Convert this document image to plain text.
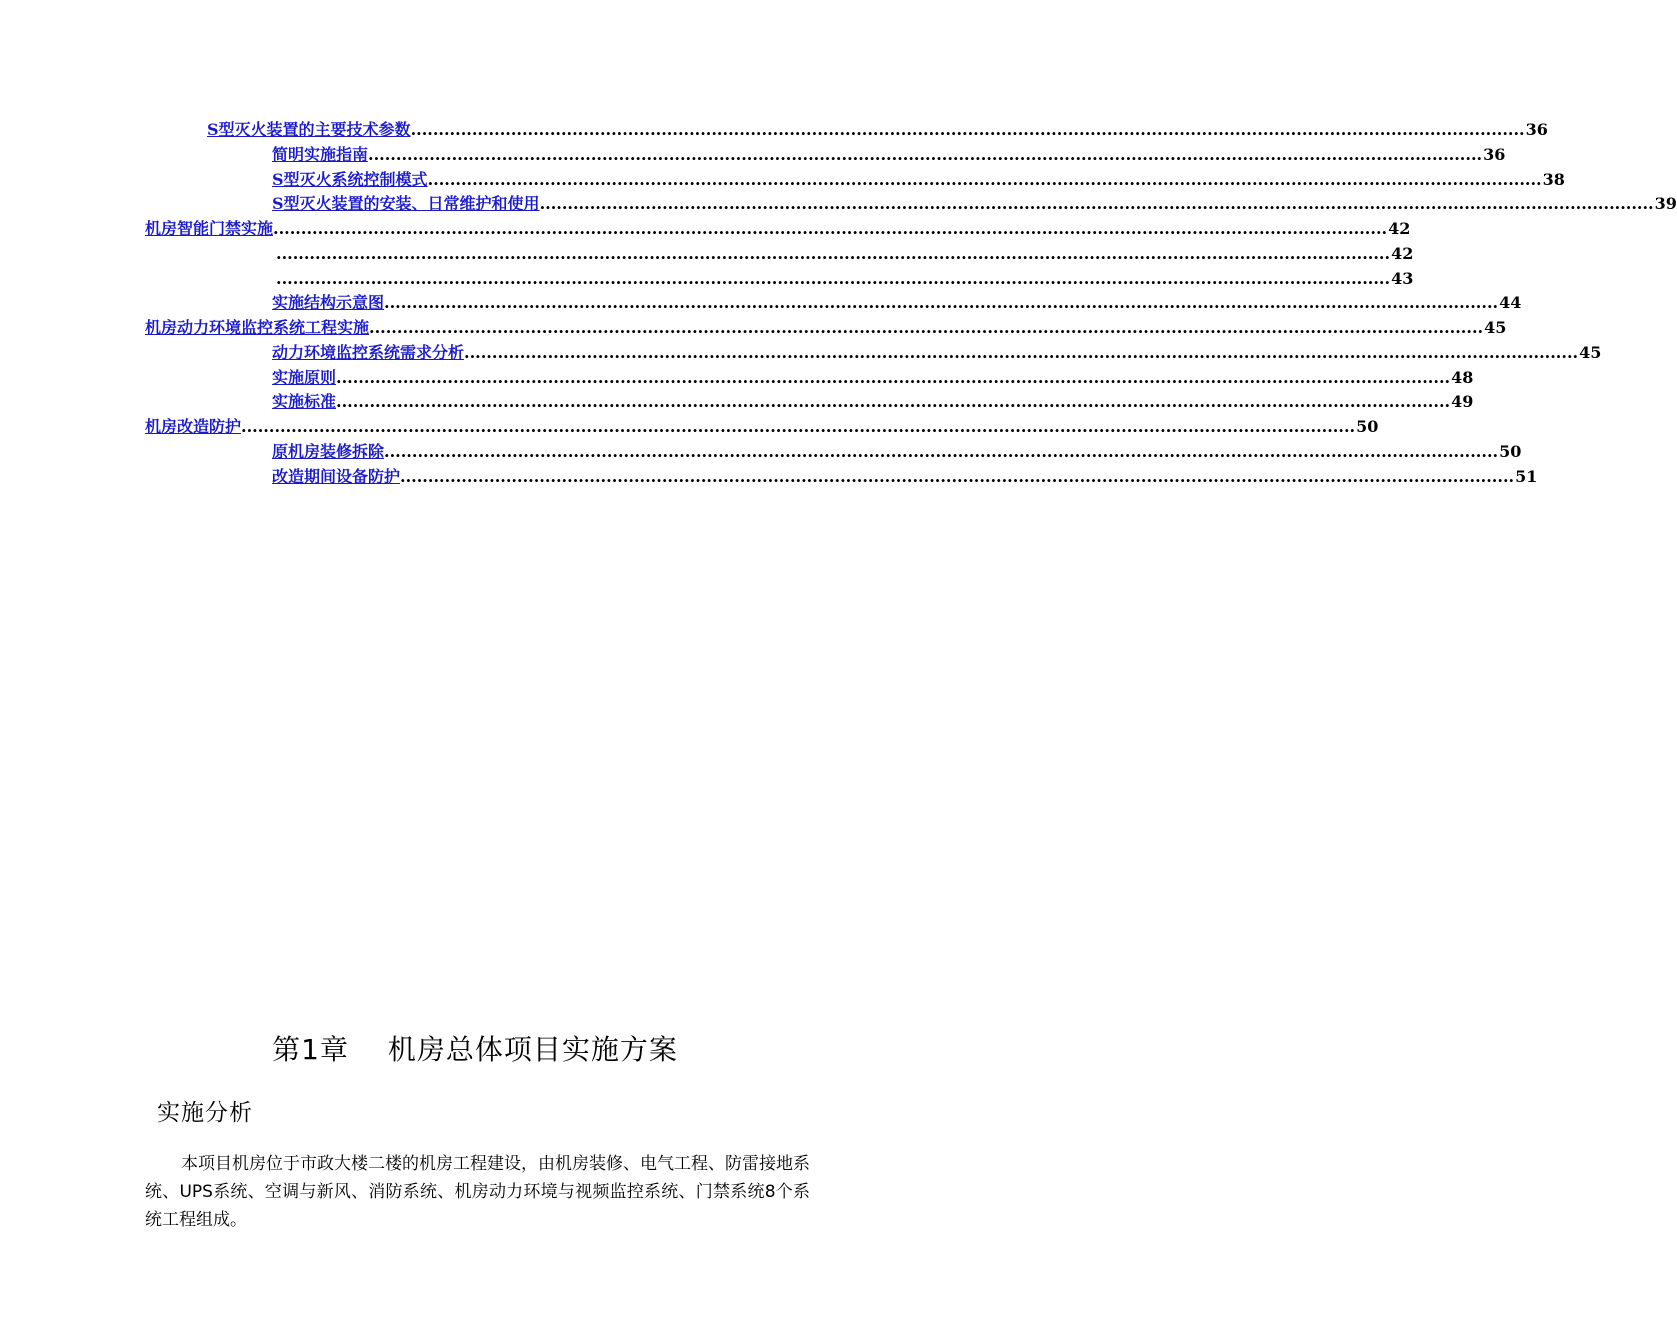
S型灭火装置的主要技术参数 ........................................................................................................................................................................................................ 36
简明实施指南 ........................................................................................................................................................................................................ 36
S型灭火系统控制模式 ........................................................................................................................................................................................................ 38
S型灭火装置的安装、日常维护和使用 ........................................................................................................................................................................................................ 39
机房智能门禁实施 ........................................................................................................................................................................................................ 42
........................................................................................................................................................................................................ 42
........................................................................................................................................................................................................ 43
实施结构示意图 ........................................................................................................................................................................................................ 44
机房动力环境监控系统工程实施 ........................................................................................................................................................................................................ 45
动力环境监控系统需求分析 ........................................................................................................................................................................................................ 45
实施原则 ........................................................................................................................................................................................................ 48
实施标准 ........................................................................................................................................................................................................ 49
机房改造防护 ........................................................................................................................................................................................................ 50
原机房装修拆除 ........................................................................................................................................................................................................ 50
改造期间设备防护 ........................................................................................................................................................................................................ 51
第1章　 机房总体项目实施方案
实施分析
本项目机房位于市政大楼二楼的机房工程建设，由机房装修、电气工程、防雷接地系统、UPS系统、空调与新风、消防系统、机房动力环境与视频监控系统、门禁系统8个系统工程组成。
